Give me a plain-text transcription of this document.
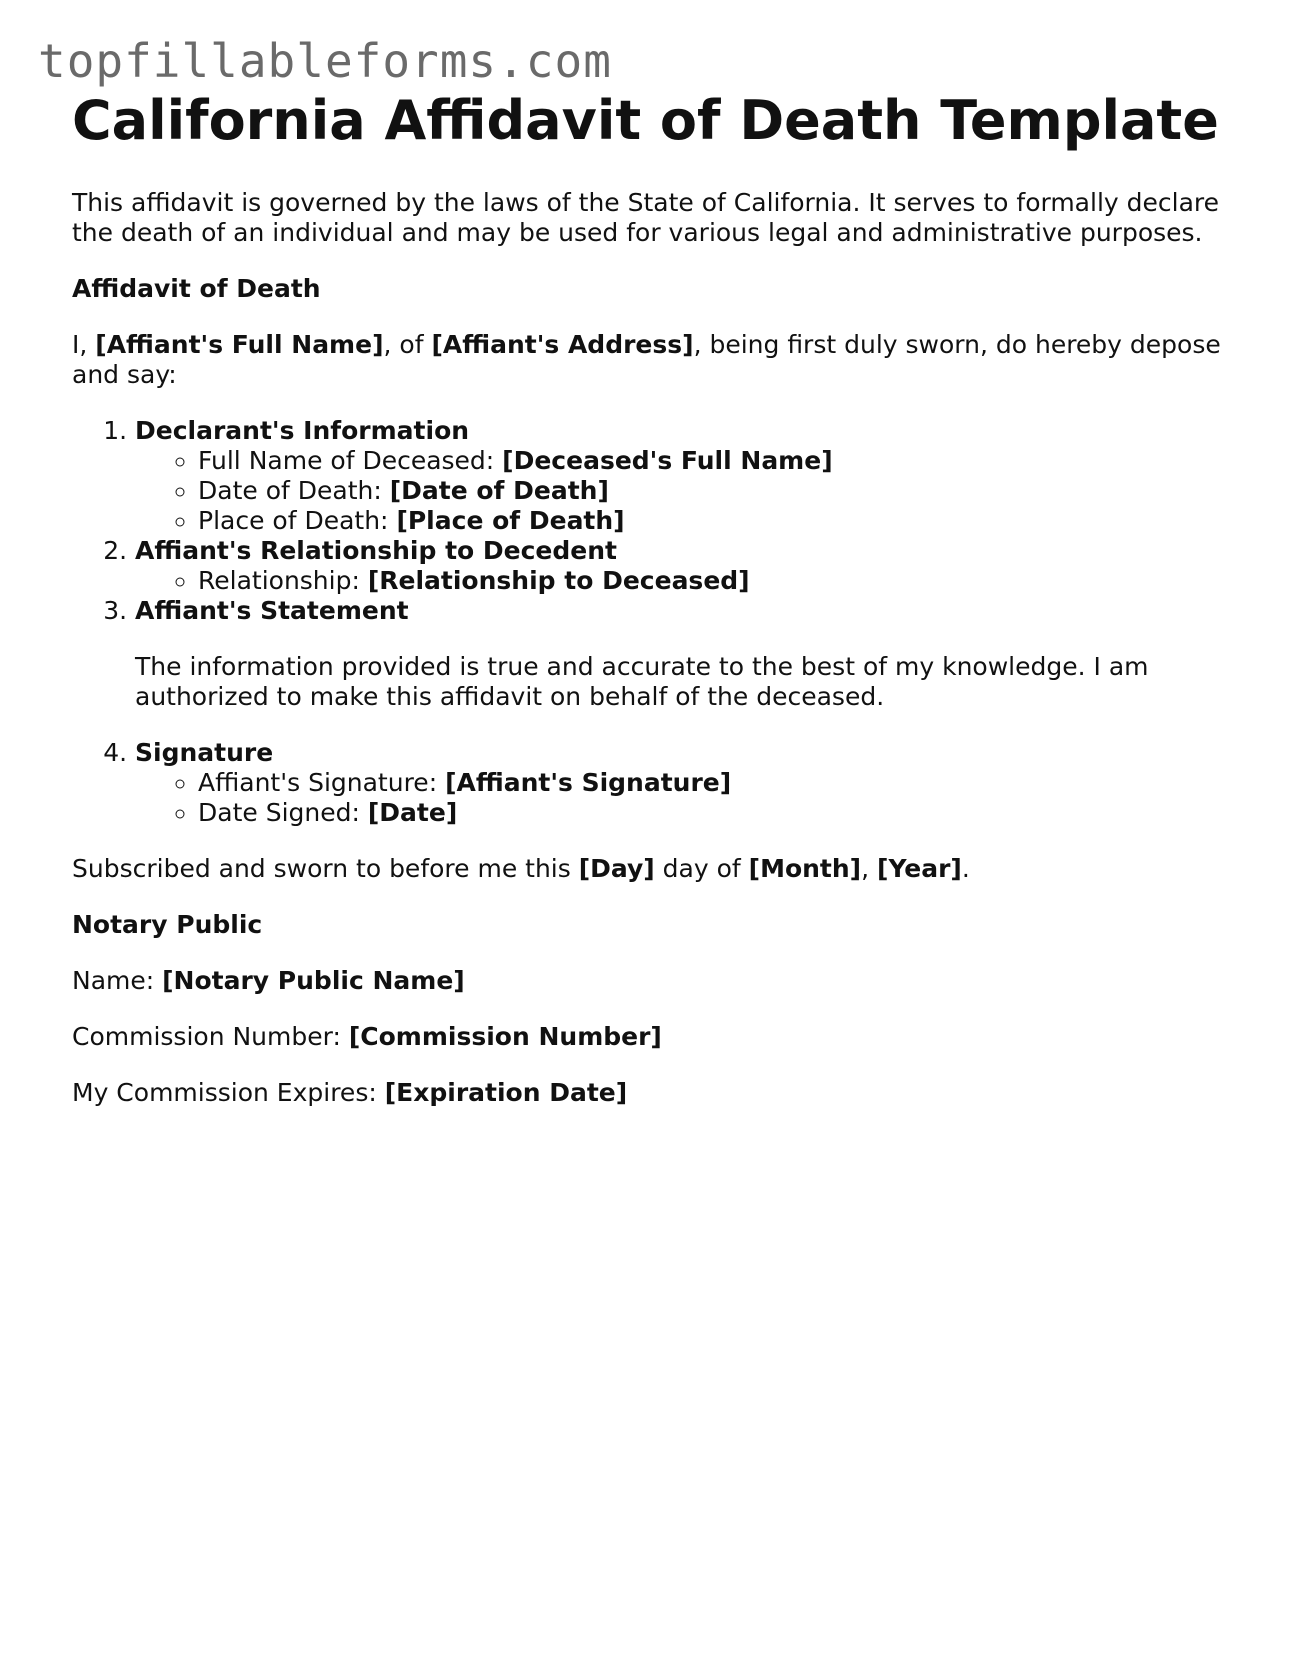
topfillableforms.com
California Affidavit of Death Template

This affidavit is governed by the laws of the State of California. It serves to formally declare the death of an individual and may be used for various legal and administrative purposes.

Affidavit of Death

I, [Affiant's Full Name], of [Affiant's Address], being first duly sworn, do hereby depose and say:

1. Declarant's Information
◦ Full Name of Deceased: [Deceased's Full Name]
◦ Date of Death: [Date of Death]
◦ Place of Death: [Place of Death]
2. Affiant's Relationship to Decedent
◦ Relationship: [Relationship to Deceased]
3. Affiant's Statement

The information provided is true and accurate to the best of my knowledge. I am authorized to make this affidavit on behalf of the deceased.

4. Signature
◦ Affiant's Signature: [Affiant's Signature]
◦ Date Signed: [Date]

Subscribed and sworn to before me this [Day] day of [Month], [Year].

Notary Public

Name: [Notary Public Name]

Commission Number: [Commission Number]

My Commission Expires: [Expiration Date]
